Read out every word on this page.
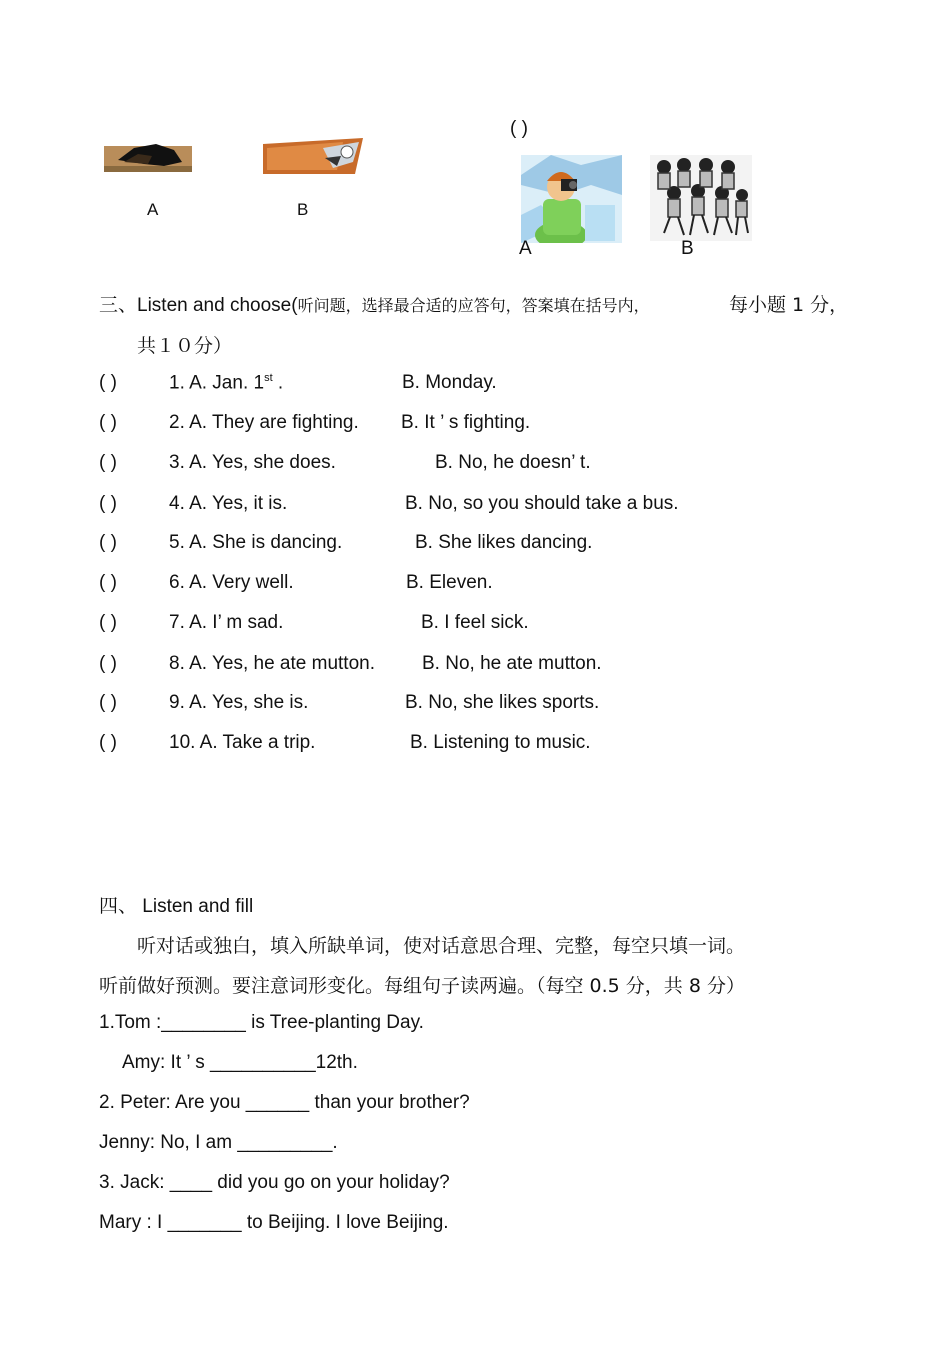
A	B
( )
A	B
三、Listen and choose(听问题，选择最合适的应答句，答案填在括号内，	每小题 1 分，
共１０分）
( )	1. A. Jan. 1st .	B. Monday.
( )	2. A. They are fighting. B. It ’ s fighting.
( )	3. A. Yes, she does.	B. No, he doesn’ t.
( )	4. A. Yes, it is.	B. No, so you should take a bus.
( )	5. A. She is dancing.	B. She likes dancing.
( )	6. A. Very well.	B. Eleven.
( )	7. A. I’ m sad.	B. I feel sick.
( )	8. A. Yes, he ate mutton. B. No, he ate mutton.
( )	9. A. Yes, she is.	B. No, she likes sports.
( )	10. A. Take a trip.	B. Listening to music.
四、 Listen and fill
听对话或独白，填入所缺单词，使对话意思合理、完整，每空只填一词。
听前做好预测。要注意词形变化。每组句子读两遍。（每空 0.5 分，共 8 分）
1.Tom :________ is Tree-planting Day.
Amy: It ’ s __________12th.
2. Peter: Are you ______ than your brother?
Jenny: No, I am _________.
3. Jack: ____ did you go on your holiday?
Mary : I _______ to Beijing. I love Beijing.
